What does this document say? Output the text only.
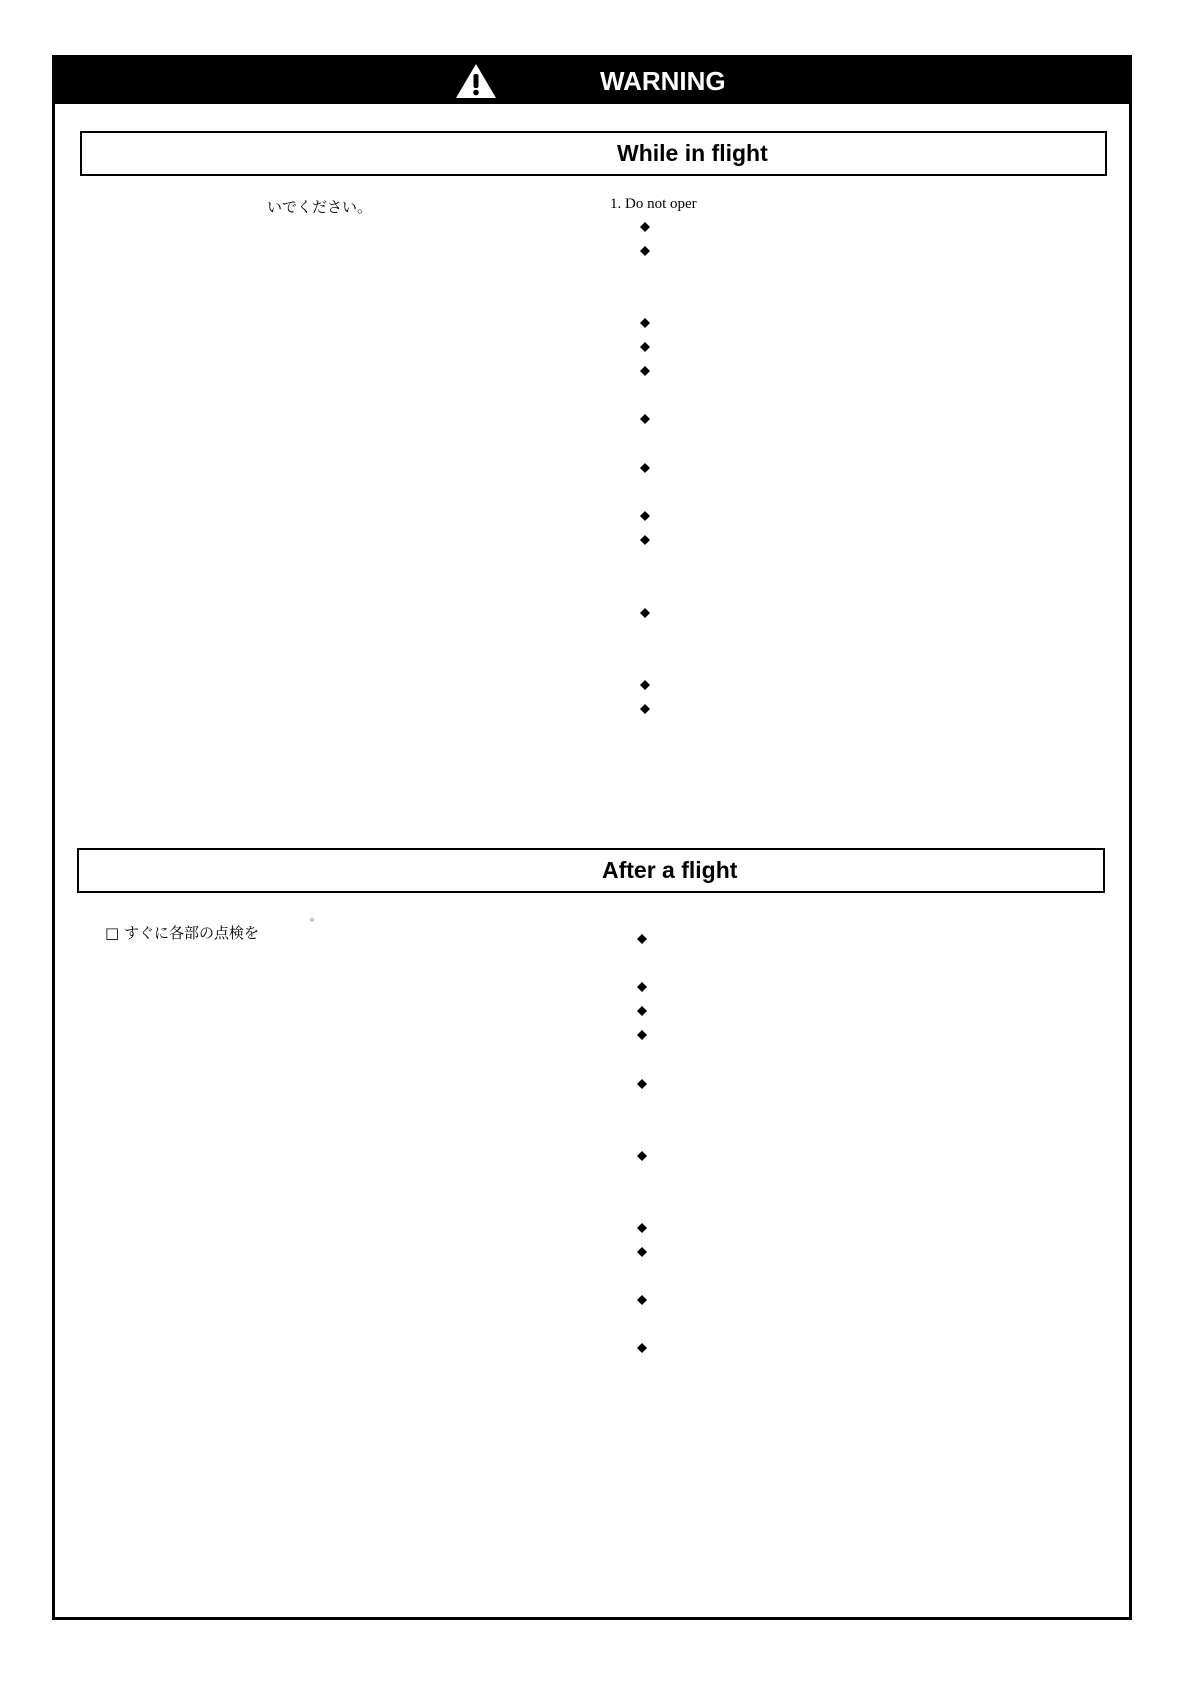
WARNING
While in flight
いでください。	1. Do not oper
After a flight
。
□ すぐに各部の点検を
